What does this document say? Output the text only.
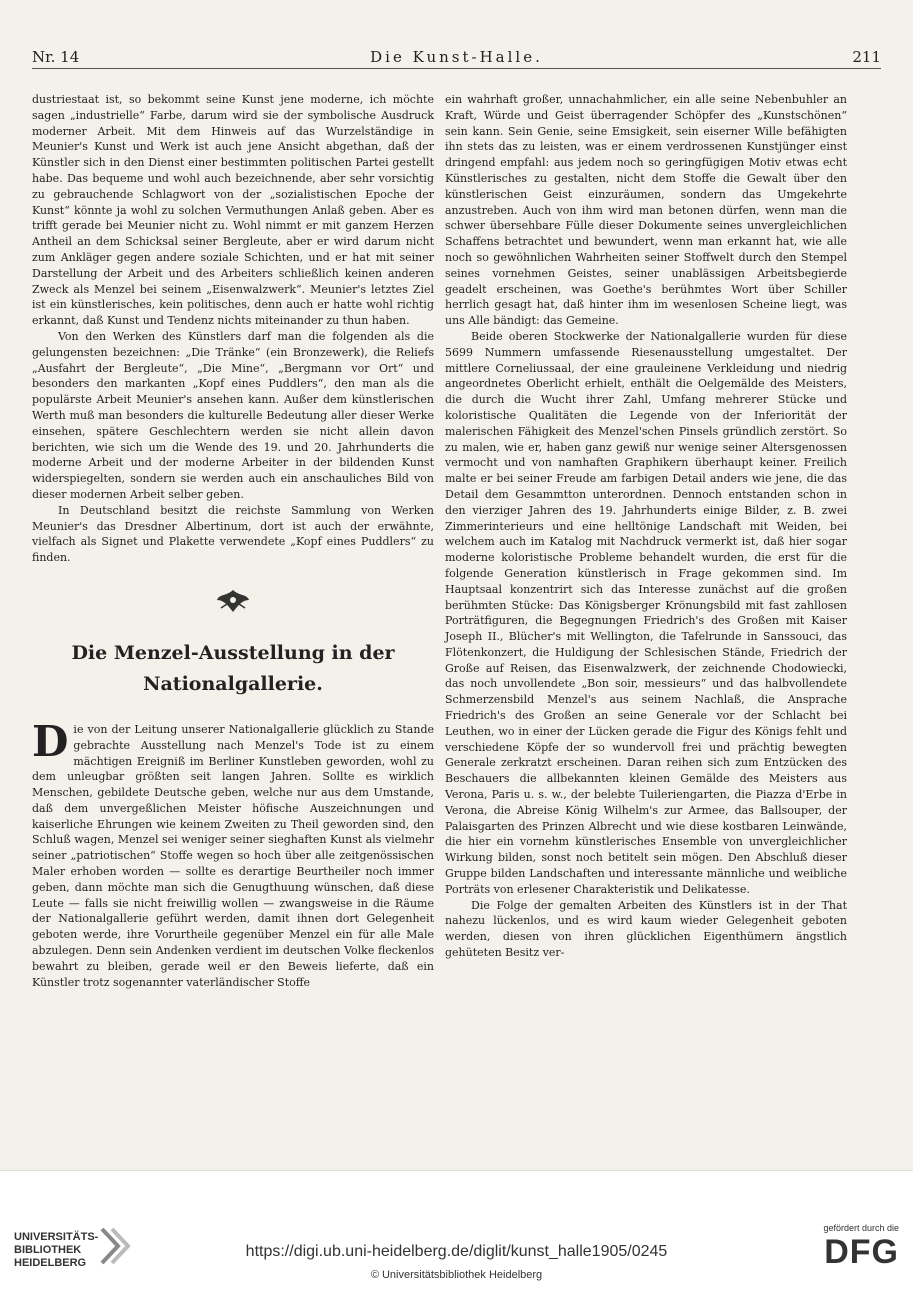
Nr. 14	Die Kunst-Halle.	211

dustriestaat ist, so bekommt seine Kunst jene moderne, ich möchte sagen „industrielle“ Farbe, darum wird sie der symbolische Ausdruck moderner Arbeit. Mit dem Hinweis auf das Wurzelständige in Meunier's Kunst und Werk ist auch jene Ansicht abgethan, daß der Künstler sich in den Dienst einer bestimmten politischen Partei gestellt habe. Das bequeme und wohl auch bezeichnende, aber sehr vorsichtig zu gebrauchende Schlagwort von der „sozialistischen Epoche der Kunst“ könnte ja wohl zu solchen Vermuthungen Anlaß geben. Aber es trifft gerade bei Meunier nicht zu. Wohl nimmt er mit ganzem Herzen Antheil an dem Schicksal seiner Bergleute, aber er wird darum nicht zum Ankläger gegen andere soziale Schichten, und er hat mit seiner Darstellung der Arbeit und des Arbeiters schließlich keinen anderen Zweck als Menzel bei seinem „Eisenwalzwerk“. Meunier's letztes Ziel ist ein künstlerisches, kein politisches, denn auch er hatte wohl richtig erkannt, daß Kunst und Tendenz nichts miteinander zu thun haben.

Von den Werken des Künstlers darf man die folgenden als die gelungensten bezeichnen: „Die Tränke“ (ein Bronzewerk), die Reliefs „Ausfahrt der Bergleute“, „Die Mine“, „Bergmann vor Ort“ und besonders den markanten „Kopf eines Puddlers“, den man als die populärste Arbeit Meunier's ansehen kann. Außer dem künstlerischen Werth muß man besonders die kulturelle Bedeutung aller dieser Werke einsehen, spätere Geschlechtern werden sie nicht allein davon berichten, wie sich um die Wende des 19. und 20. Jahrhunderts die moderne Arbeit und der moderne Arbeiter in der bildenden Kunst widerspiegelten, sondern sie werden auch ein anschauliches Bild von dieser modernen Arbeit selber geben.

In Deutschland besitzt die reichste Sammlung von Werken Meunier's das Dresdner Albertinum, dort ist auch der erwähnte, vielfach als Signet und Plakette verwendete „Kopf eines Puddlers“ zu finden.

Die Menzel-Ausstellung in der
Nationalgallerie.

Die von der Leitung unserer Nationalgallerie glücklich zu Stande gebrachte Ausstellung nach Menzel's Tode ist zu einem mächtigen Ereigniß im Berliner Kunstleben geworden, wohl zu dem unleugbar größten seit langen Jahren. Sollte es wirklich Menschen, gebildete Deutsche geben, welche nur aus dem Umstande, daß dem unvergeßlichen Meister höfische Auszeichnungen und kaiserliche Ehrungen wie keinem Zweiten zu Theil geworden sind, den Schluß wagen, Menzel sei weniger seiner sieghaften Kunst als vielmehr seiner „patriotischen“ Stoffe wegen so hoch über alle zeitgenössischen Maler erhoben worden — sollte es derartige Beurtheiler noch immer geben, dann möchte man sich die Genugthuung wünschen, daß diese Leute — falls sie nicht freiwillig wollen — zwangsweise in die Räume der Nationalgallerie geführt werden, damit ihnen dort Gelegenheit geboten werde, ihre Vorurtheile gegenüber Menzel ein für alle Male abzulegen. Denn sein Andenken verdient im deutschen Volke fleckenlos bewahrt zu bleiben, gerade weil er den Beweis lieferte, daß ein Künstler trotz sogenannter vaterländischer Stoffe

ein wahrhaft großer, unnachahmlicher, ein alle seine Nebenbuhler an Kraft, Würde und Geist überragender Schöpfer des „Kunstschönen“ sein kann. Sein Genie, seine Emsigkeit, sein eiserner Wille befähigten ihn stets das zu leisten, was er einem verdrossenen Kunstjünger einst dringend empfahl: aus jedem noch so geringfügigen Motiv etwas echt Künstlerisches zu gestalten, nicht dem Stoffe die Gewalt über den künstlerischen Geist einzuräumen, sondern das Umgekehrte anzustreben. Auch von ihm wird man betonen dürfen, wenn man die schwer übersehbare Fülle dieser Dokumente seines unvergleichlichen Schaffens betrachtet und bewundert, wenn man erkannt hat, wie alle noch so gewöhnlichen Wahrheiten seiner Stoffwelt durch den Stempel seines vornehmen Geistes, seiner unablässigen Arbeitsbegierde geadelt erscheinen, was Goethe's berühmtes Wort über Schiller herrlich gesagt hat, daß hinter ihm im wesenlosen Scheine liegt, was uns Alle bändigt: das Gemeine.

Beide oberen Stockwerke der Nationalgallerie wurden für diese 5699 Nummern umfassende Riesenausstellung umgestaltet. Der mittlere Corneliussaal, der eine grauleinene Verkleidung und niedrig angeordnetes Oberlicht erhielt, enthält die Oelgemälde des Meisters, die durch die Wucht ihrer Zahl, Umfang mehrerer Stücke und koloristische Qualitäten die Legende von der Inferiorität der malerischen Fähigkeit des Menzel'schen Pinsels gründlich zerstört. So zu malen, wie er, haben ganz gewiß nur wenige seiner Altersgenossen vermocht und von namhaften Graphikern überhaupt keiner. Freilich malte er bei seiner Freude am farbigen Detail anders wie jene, die das Detail dem Gesammtton unterordnen. Dennoch entstanden schon in den vierziger Jahren des 19. Jahrhunderts einige Bilder, z. B. zwei Zimmerinterieurs und eine helltönige Landschaft mit Weiden, bei welchem auch im Katalog mit Nachdruck vermerkt ist, daß hier sogar moderne koloristische Probleme behandelt wurden, die erst für die folgende Generation künstlerisch in Frage gekommen sind. Im Hauptsaal konzentrirt sich das Interesse zunächst auf die großen berühmten Stücke: Das Königsberger Krönungsbild mit fast zahllosen Porträtfiguren, die Begegnungen Friedrich's des Großen mit Kaiser Joseph II., Blücher's mit Wellington, die Tafelrunde in Sanssouci, das Flötenkonzert, die Huldigung der Schlesischen Stände, Friedrich der Große auf Reisen, das Eisenwalzwerk, der zeichnende Chodowiecki, das noch unvollendete „Bon soir, messieurs“ und das halbvollendete Schmerzensbild Menzel's aus seinem Nachlaß, die Ansprache Friedrich's des Großen an seine Generale vor der Schlacht bei Leuthen, wo in einer der Lücken gerade die Figur des Königs fehlt und verschiedene Köpfe der so wundervoll frei und prächtig bewegten Generale zerkratzt erscheinen. Daran reihen sich zum Entzücken des Beschauers die allbekannten kleinen Gemälde des Meisters aus Verona, Paris u. s. w., der belebte Tuileriengarten, die Piazza d'Erbe in Verona, die Abreise König Wilhelm's zur Armee, das Ballsouper, der Palaisgarten des Prinzen Albrecht und wie diese kostbaren Leinwände, die hier ein vornehm künstlerisches Ensemble von unvergleichlicher Wirkung bilden, sonst noch betitelt sein mögen. Den Abschluß dieser Gruppe bilden Landschaften und interessante männliche und weibliche Porträts von erlesener Charakteristik und Delikatesse.

Die Folge der gemalten Arbeiten des Künstlers ist in der That nahezu lückenlos, und es wird kaum wieder Gelegenheit geboten werden, diesen von ihren glücklichen Eigenthümern ängstlich gehüteten Besitz ver-

UNIVERSITÄTS-
BIBLIOTHEK
HEIDELBERG
https://digi.ub.uni-heidelberg.de/diglit/kunst_halle1905/0245
© Universitätsbibliothek Heidelberg
gefördert durch die
DFG
